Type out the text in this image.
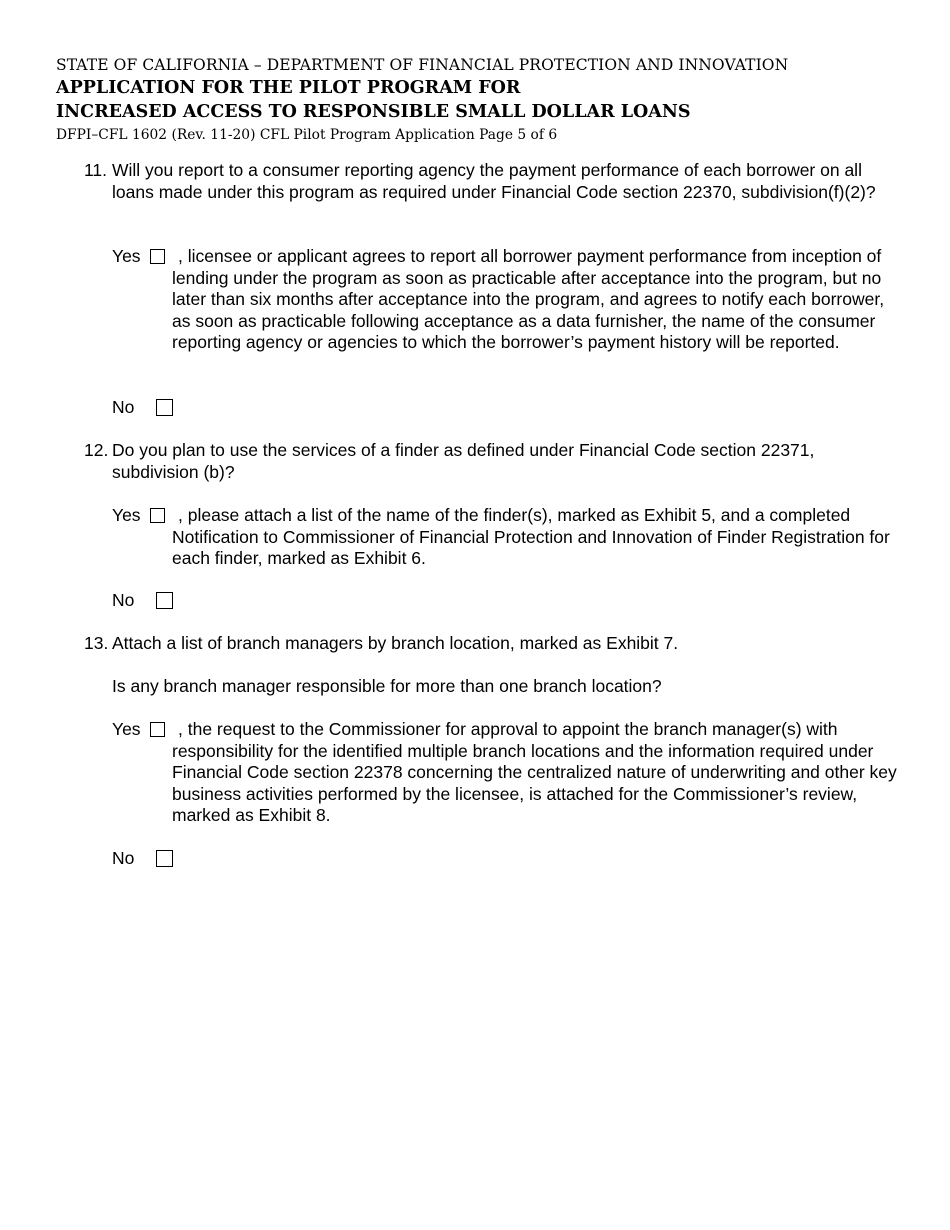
STATE OF CALIFORNIA – DEPARTMENT OF FINANCIAL PROTECTION AND INNOVATION
APPLICATION FOR THE PILOT PROGRAM FOR
INCREASED ACCESS TO RESPONSIBLE SMALL DOLLAR LOANS
DFPI–CFL 1602 (Rev. 11-20) CFL Pilot Program Application Page 5 of 6
11. Will you report to a consumer reporting agency the payment performance of each borrower on all loans made under this program as required under Financial Code section 22370, subdivision(f)(2)?
Yes	, licensee or applicant agrees to report all borrower payment performance from inception of lending under the program as soon as practicable after acceptance into the program, but no later than six months after acceptance into the program, and agrees to notify each borrower, as soon as practicable following acceptance as a data furnisher, the name of the consumer reporting agency or agencies to which the borrower’s payment history will be reported.
No
12. Do you plan to use the services of a finder as defined under Financial Code section 22371, subdivision (b)?
Yes	, please attach a list of the name of the finder(s), marked as Exhibit 5, and a completed Notification to Commissioner of Financial Protection and Innovation of Finder Registration for each finder, marked as Exhibit 6.
No
13. Attach a list of branch managers by branch location, marked as Exhibit 7.
Is any branch manager responsible for more than one branch location?
Yes	, the request to the Commissioner for approval to appoint the branch manager(s) with responsibility for the identified multiple branch locations and the information required under Financial Code section 22378 concerning the centralized nature of underwriting and other key business activities performed by the licensee, is attached for the Commissioner’s review, marked as Exhibit 8.
No
